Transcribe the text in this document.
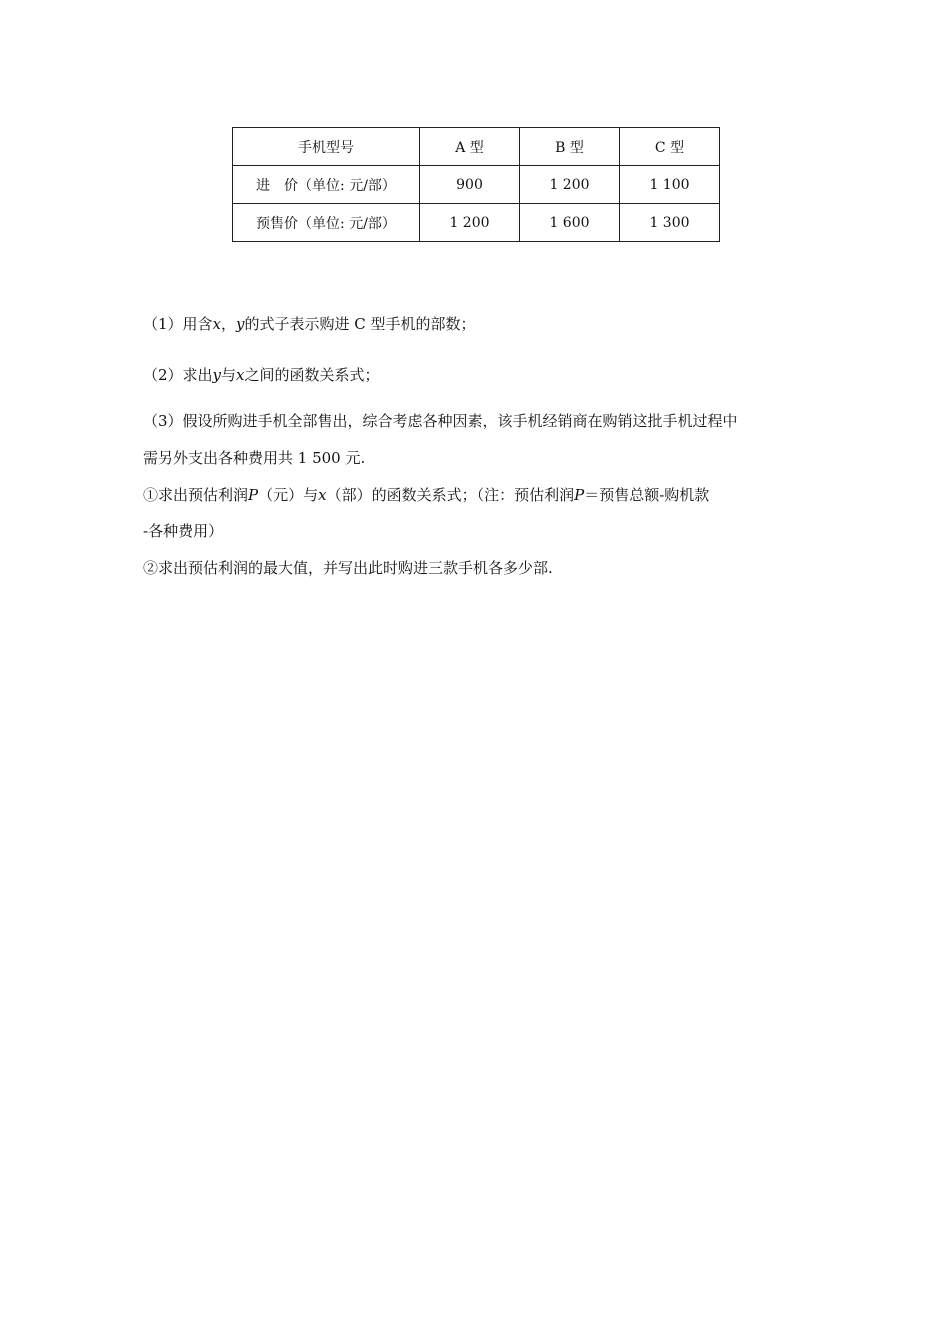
手机型号	A 型	B 型	C 型
进　价（单位: 元/部）	900	1 200	1 100
预售价（单位: 元/部）	1 200	1 600	1 300
（1）用含x，y的式子表示购进 C 型手机的部数；
（2）求出y与x之间的函数关系式；
（3）假设所购进手机全部售出，综合考虑各种因素，该手机经销商在购销这批手机过程中
需另外支出各种费用共 1 500 元.
①求出预估利润P（元）与x（部）的函数关系式；（注：预估利润P＝预售总额-购机款
-各种费用）
②求出预估利润的最大值，并写出此时购进三款手机各多少部.
